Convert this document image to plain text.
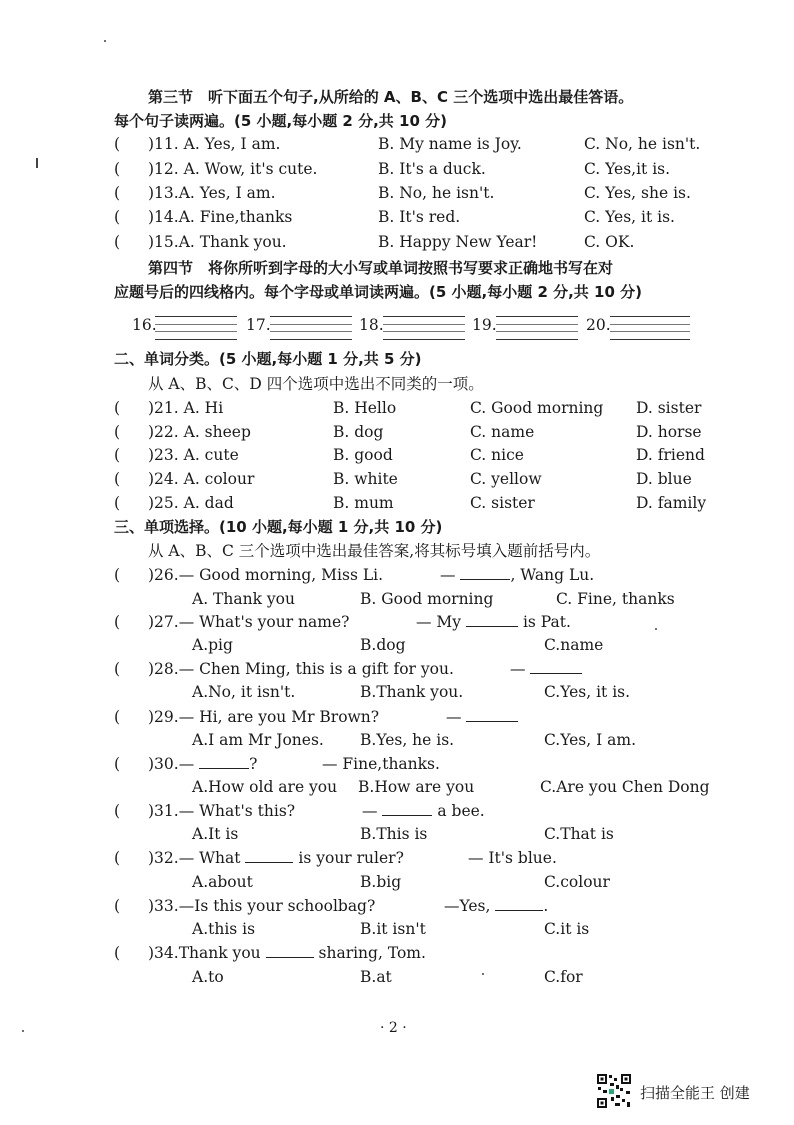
第三节　听下面五个句子,从所给的 A、B、C 三个选项中选出最佳答语。
每个句子读两遍。(5 小题,每小题 2 分,共 10 分)
( )11. A. Yes, I am.	B. My name is Joy.	C. No, he isn't.
( )12. A. Wow, it's cute.	B. It's a duck.	C. Yes,it is.
( )13.A. Yes, I am.	B. No, he isn't.	C. Yes, she is.
( )14.A. Fine,thanks	B. It's red.	C. Yes, it is.
( )15.A. Thank you.	B. Happy New Year!	C. OK.
第四节　将你所听到字母的大小写或单词按照书写要求正确地书写在对
应题号后的四线格内。每个字母或单词读两遍。(5 小题,每小题 2 分,共 10 分)
16.	17.	18.	19.	20.
二、单词分类。(5 小题,每小题 1 分,共 5 分)
从 A、B、C、D 四个选项中选出不同类的一项。
( )21. A. Hi	B. Hello	C. Good morning D. sister
( )22. A. sheep	B. dog	C. name	D. horse
( )23. A. cute	B. good	C. nice	D. friend
( )24. A. colour	B. white	C. yellow	D. blue
( )25. A. dad	B. mum	C. sister	D. family
三、单项选择。(10 小题,每小题 1 分,共 10 分)
从 A、B、C 三个选项中选出最佳答案,将其标号填入题前括号内。
( )26.— Good morning, Miss Li.	—	, Wang Lu.
A. Thank you	B. Good morning	C. Fine, thanks
( )27.— What's your name?	— My	is Pat.
A.pig	B.dog	C.name
( )28.— Chen Ming, this is a gift for you.	—
A.No, it isn't.	B.Thank you.	C.Yes, it is.
( )29.— Hi, are you Mr Brown?	—
A.I am Mr Jones. B.Yes, he is.	C.Yes, I am.
( )30.—	?	— Fine,thanks.
A.How old are you B.How are you	C.Are you Chen Dong
( )31.— What's this?	—	a bee.
A.It is	B.This is	C.That is
( )32.— What	is your ruler?	— It's blue.
A.about	B.big	C.colour
( )33.—Is this your schoolbag?	—Yes,	.
A.this is	B.it isn't	C.it is
( )34.Thank you	sharing, Tom.
A.to	B.at	C.for
· 2 ·
扫描全能王 创建
